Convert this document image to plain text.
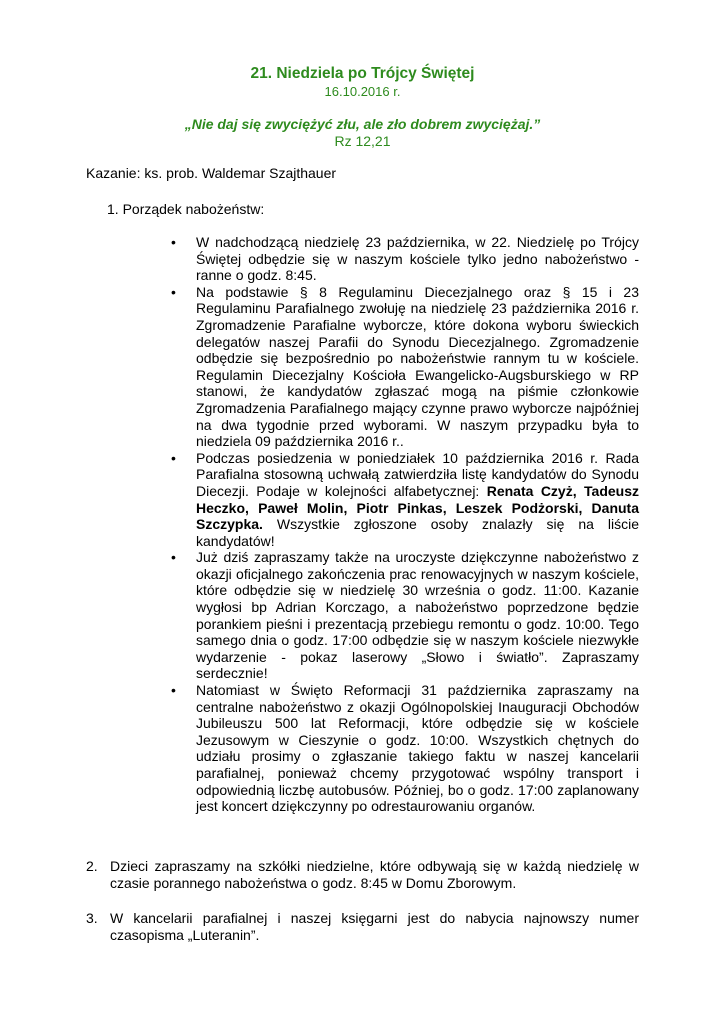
21. Niedziela po Trójcy Świętej
16.10.2016 r.
„Nie daj się zwyciężyć złu, ale zło dobrem zwyciężaj.”
Rz 12,21
Kazanie: ks. prob. Waldemar Szajthauer
1. Porządek nabożeństw:
• W nadchodzącą niedzielę 23 października, w 22. Niedzielę po Trójcy Świętej odbędzie się w naszym kościele tylko jedno nabożeństwo - ranne o godz. 8:45.
• Na podstawie § 8 Regulaminu Diecezjalnego oraz § 15 i 23 Regulaminu Parafialnego zwołuję na niedzielę 23 października 2016 r. Zgromadzenie Parafialne wyborcze, które dokona wyboru świeckich delegatów naszej Parafii do Synodu Diecezjalnego. Zgromadzenie odbędzie się bezpośrednio po nabożeństwie rannym tu w kościele. Regulamin Diecezjalny Kościoła Ewangelicko-Augsburskiego w RP stanowi, że kandydatów zgłaszać mogą na piśmie członkowie Zgromadzenia Parafialnego mający czynne prawo wyborcze najpóźniej na dwa tygodnie przed wyborami. W naszym przypadku była to niedziela 09 października 2016 r..
• Podczas posiedzenia w poniedziałek 10 października 2016 r. Rada Parafialna stosowną uchwałą zatwierdziła listę kandydatów do Synodu Diecezji. Podaje w kolejności alfabetycznej: Renata Czyż, Tadeusz Heczko, Paweł Molin, Piotr Pinkas, Leszek Podżorski, Danuta Szczypka. Wszystkie zgłoszone osoby znalazły się na liście kandydatów!
• Już dziś zapraszamy także na uroczyste dziękczynne nabożeństwo z okazji oficjalnego zakończenia prac renowacyjnych w naszym kościele, które odbędzie się w niedzielę 30 września o godz. 11:00. Kazanie wygłosi bp Adrian Korczago, a nabożeństwo poprzedzone będzie porankiem pieśni i prezentacją przebiegu remontu o godz. 10:00. Tego samego dnia o godz. 17:00 odbędzie się w naszym kościele niezwykłe wydarzenie - pokaz laserowy „Słowo i światło”. Zapraszamy serdecznie!
• Natomiast w Święto Reformacji 31 października zapraszamy na centralne nabożeństwo z okazji Ogólnopolskiej Inauguracji Obchodów Jubileuszu 500 lat Reformacji, które odbędzie się w kościele Jezusowym w Cieszynie o godz. 10:00. Wszystkich chętnych do udziału prosimy o zgłaszanie takiego faktu w naszej kancelarii parafialnej, ponieważ chcemy przygotować wspólny transport i odpowiednią liczbę autobusów. Później, bo o godz. 17:00 zaplanowany jest koncert dziękczynny po odrestaurowaniu organów.
2. Dzieci zapraszamy na szkółki niedzielne, które odbywają się w każdą niedzielę w czasie porannego nabożeństwa o godz. 8:45 w Domu Zborowym.
3. W kancelarii parafialnej i naszej księgarni jest do nabycia najnowszy numer czasopisma „Luteranin”.
